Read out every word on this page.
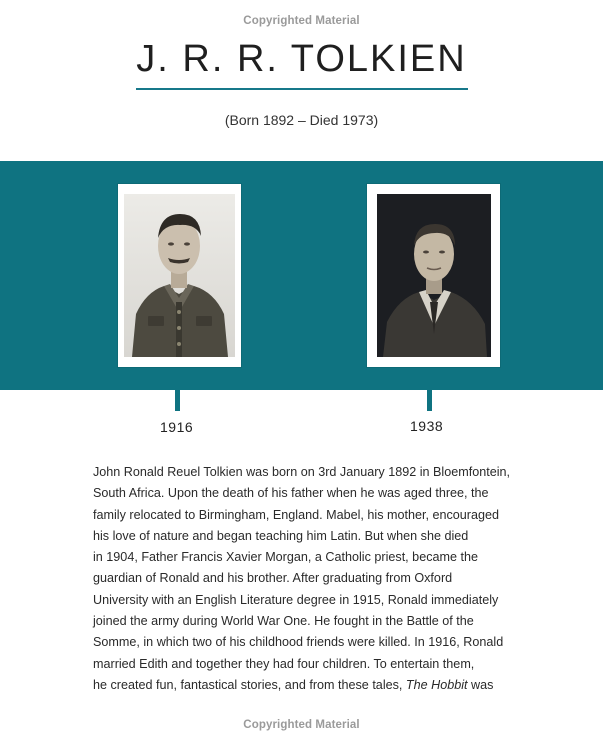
Copyrighted Material
J. R. R. TOLKIEN
(Born 1892 – Died 1973)
1916	1938
John Ronald Reuel Tolkien was born on 3rd January 1892 in Bloemfontein,
South Africa. Upon the death of his father when he was aged three, the
family relocated to Birmingham, England. Mabel, his mother, encouraged
his love of nature and began teaching him Latin. But when she died
in 1904, Father Francis Xavier Morgan, a Catholic priest, became the
guardian of Ronald and his brother. After graduating from Oxford
University with an English Literature degree in 1915, Ronald immediately
joined the army during World War One. He fought in the Battle of the
Somme, in which two of his childhood friends were killed. In 1916, Ronald
married Edith and together they had four children. To entertain them,
he created fun, fantastical stories, and from these tales, The Hobbit was
Copyrighted Material
